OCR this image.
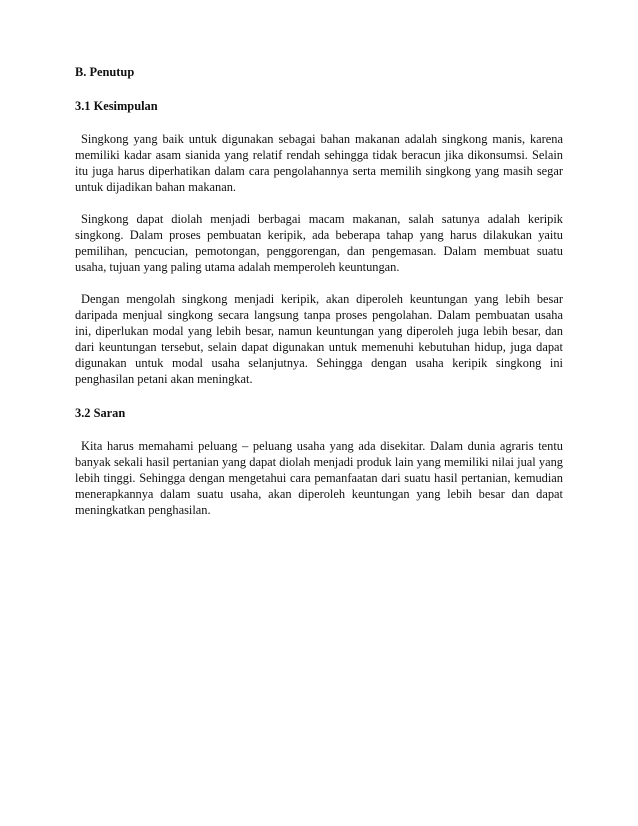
B. Penutup
3.1 Kesimpulan

Singkong yang baik untuk digunakan sebagai bahan makanan adalah singkong manis, karena memiliki kadar asam sianida yang relatif rendah sehingga tidak beracun jika dikonsumsi. Selain itu juga harus diperhatikan dalam cara pengolahannya serta memilih singkong yang masih segar untuk dijadikan bahan makanan.

Singkong dapat diolah menjadi berbagai macam makanan, salah satunya adalah keripik singkong. Dalam proses pembuatan keripik, ada beberapa tahap yang harus dilakukan yaitu pemilihan, pencucian, pemotongan, penggorengan, dan pengemasan. Dalam membuat suatu usaha, tujuan yang paling utama adalah memperoleh keuntungan.

Dengan mengolah singkong menjadi keripik, akan diperoleh keuntungan yang lebih besar daripada menjual singkong secara langsung tanpa proses pengolahan. Dalam pembuatan usaha ini, diperlukan modal yang lebih besar, namun keuntungan yang diperoleh juga lebih besar, dan dari keuntungan tersebut, selain dapat digunakan untuk memenuhi kebutuhan hidup, juga dapat digunakan untuk modal usaha selanjutnya. Sehingga dengan usaha keripik singkong ini penghasilan petani akan meningkat.

3.2 Saran

Kita harus memahami peluang – peluang usaha yang ada disekitar. Dalam dunia agraris tentu banyak sekali hasil pertanian yang dapat diolah menjadi produk lain yang memiliki nilai jual yang lebih tinggi. Sehingga dengan mengetahui cara pemanfaatan dari suatu hasil pertanian, kemudian menerapkannya dalam suatu usaha, akan diperoleh keuntungan yang lebih besar dan dapat meningkatkan penghasilan.
